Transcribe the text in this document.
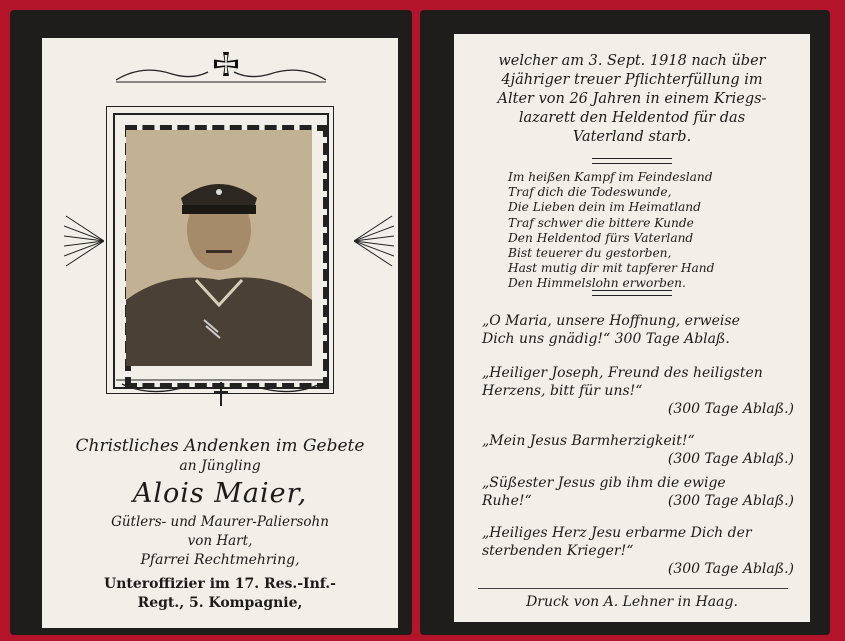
Christliches Andenken im Gebete
an Jüngling
Alois Maier,
Gütlers- und Maurer-Paliersohn
von Hart,
Pfarrei Rechtmehring,
Unteroffizier im 17. Res.-Inf.-
Regt., 5. Kompagnie,
welcher am 3. Sept. 1918 nach über
4jähriger treuer Pflichterfüllung im
Alter von 26 Jahren in einem Kriegs-
lazarett den Heldentod für das
Vaterland starb.
Im heißen Kampf im Feindesland
Traf dich die Todeswunde,
Die Lieben dein im Heimatland
Traf schwer die bittere Kunde
Den Heldentod fürs Vaterland
Bist teuerer du gestorben,
Hast mutig dir mit tapferer Hand
Den Himmelslohn erworben.
„O Maria, unsere Hoffnung, erweise
Dich uns gnädig!“ 300 Tage Ablaß.
„Heiliger Joseph, Freund des heiligsten
Herzens, bitt für uns!“
(300 Tage Ablaß.)
„Mein Jesus Barmherzigkeit!“
(300 Tage Ablaß.)
„Süßester Jesus gib ihm die ewige
Ruhe!“	(300 Tage Ablaß.)
„Heiliges Herz Jesu erbarme Dich der
sterbenden Krieger!“
(300 Tage Ablaß.)
Druck von A. Lehner in Haag.
